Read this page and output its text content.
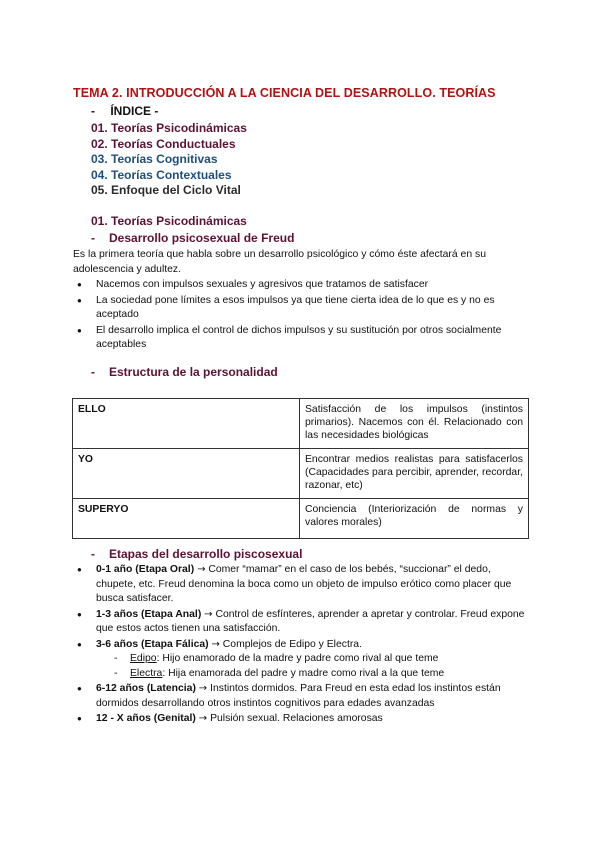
TEMA 2. INTRODUCCIÓN A LA CIENCIA DEL DESARROLLO. TEORÍAS
- ÍNDICE -
01. Teorías Psicodinámicas
02. Teorías Conductuales
03. Teorías Cognitivas
04. Teorías Contextuales
05. Enfoque del Ciclo Vital
01. Teorías Psicodinámicas
- Desarrollo psicosexual de Freud
Es la primera teoría que habla sobre un desarrollo psicológico y cómo éste afectará en su adolescencia y adultez.
● Nacemos con impulsos sexuales y agresivos que tratamos de satisfacer
● La sociedad pone límites a esos impulsos ya que tiene cierta idea de lo que es y no es aceptado
● El desarrollo implica el control de dichos impulsos y su sustitución por otros socialmente aceptables
- Estructura de la personalidad
ELLO	Satisfacción de los impulsos (instintos primarios). Nacemos con él. Relacionado con las necesidades biológicas
YO	Encontrar medios realistas para satisfacerlos (Capacidades para percibir, aprender, recordar, razonar, etc)
SUPERYO	Conciencia (Interiorización de normas y valores morales)
- Etapas del desarrollo piscosexual
● 0-1 año (Etapa Oral) → Comer “mamar” en el caso de los bebés, “succionar” el dedo, chupete, etc. Freud denomina la boca como un objeto de impulso erótico como placer que busca satisfacer.
● 1-3 años (Etapa Anal) → Control de esfínteres, aprender a apretar y controlar. Freud expone que estos actos tienen una satisfacción.
● 3-6 años (Etapa Fálica) → Complejos de Edipo y Electra.
- Edipo: Hijo enamorado de la madre y padre como rival al que teme
- Electra: Hija enamorada del padre y madre como rival a la que teme
● 6-12 años (Latencia) → Instintos dormidos. Para Freud en esta edad los instintos están dormidos desarrollando otros instintos cognitivos para edades avanzadas
● 12 - X años (Genital) → Pulsión sexual. Relaciones amorosas
